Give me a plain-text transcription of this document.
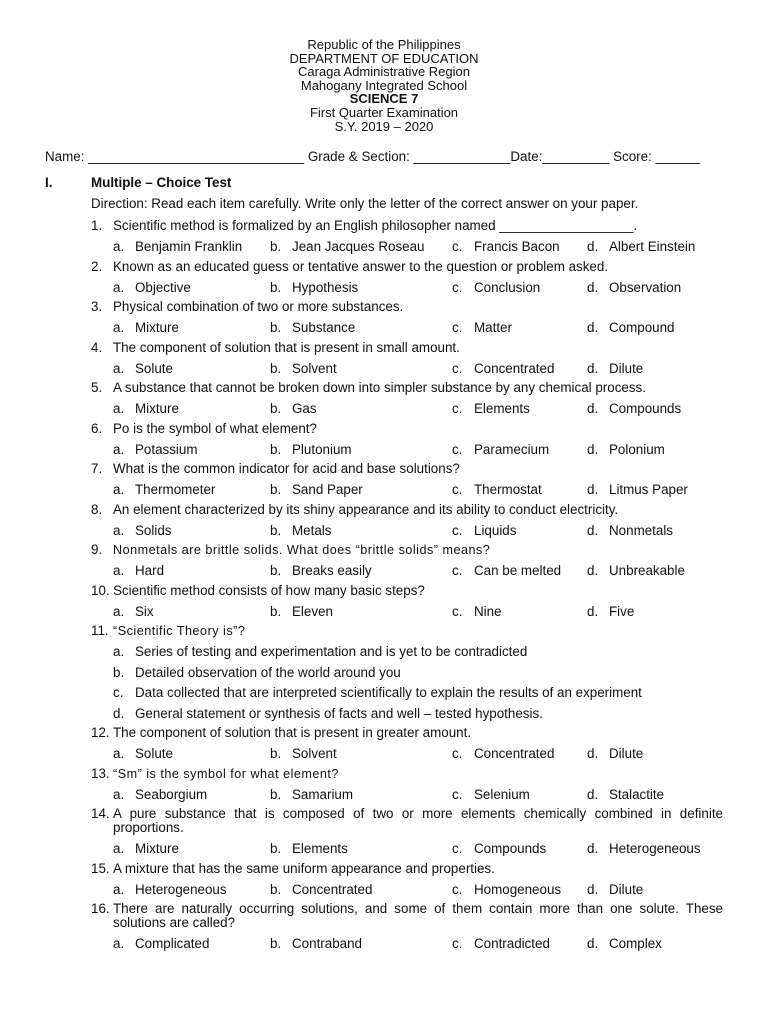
Republic of the Philippines
DEPARTMENT OF EDUCATION
Caraga Administrative Region
Mahogany Integrated School
SCIENCE 7
First Quarter Examination
S.Y. 2019 – 2020
Name: _____________________________ Grade & Section: _____________Date:_________ Score: ______
I.	Multiple – Choice Test
Direction: Read each item carefully. Write only the letter of the correct answer on your paper.
1. Scientific method is formalized by an English philosopher named __________________.
a. Benjamin Franklin b. Jean Jacques Roseau c. Francis Bacon d. Albert Einstein
2. Known as an educated guess or tentative answer to the question or problem asked.
a. Objective	b. Hypothesis	c. Conclusion	d. Observation
3. Physical combination of two or more substances.
a. Mixture	b. Substance	c. Matter	d. Compound
4. The component of solution that is present in small amount.
a. Solute	b. Solvent	c. Concentrated d. Dilute
5. A substance that cannot be broken down into simpler substance by any chemical process.
a. Mixture	b. Gas	c. Elements	d. Compounds
6. Po is the symbol of what element?
a. Potassium	b. Plutonium	c. Paramecium	d. Polonium
7. What is the common indicator for acid and base solutions?
a. Thermometer	b. Sand Paper	c. Thermostat	d. Litmus Paper
8. An element characterized by its shiny appearance and its ability to conduct electricity.
a. Solids	b. Metals	c. Liquids	d. Nonmetals
9. Nonmetals are brittle solids. What does “brittle solids” means?
a. Hard	b. Breaks easily	c. Can be melted d. Unbreakable
10. Scientific method consists of how many basic steps?
a. Six	b. Eleven	c. Nine	d. Five
11. “Scientific Theory is”?
a. Series of testing and experimentation and is yet to be contradicted
b. Detailed observation of the world around you
c. Data collected that are interpreted scientifically to explain the results of an experiment
d. General statement or synthesis of facts and well – tested hypothesis.
12. The component of solution that is present in greater amount.
a. Solute	b. Solvent	c. Concentrated d. Dilute
13. “Sm” is the symbol for what element?
a. Seaborgium	b. Samarium	c. Selenium	d. Stalactite
14. A pure substance that is composed of two or more elements chemically combined in definite proportions.
a. Mixture	b. Elements	c. Compounds	d. Heterogeneous
15. A mixture that has the same uniform appearance and properties.
a. Heterogeneous	b. Concentrated	c. Homogeneous d. Dilute
16. There are naturally occurring solutions, and some of them contain more than one solute. These solutions are called?
a. Complicated	b. Contraband	c. Contradicted	d. Complex
